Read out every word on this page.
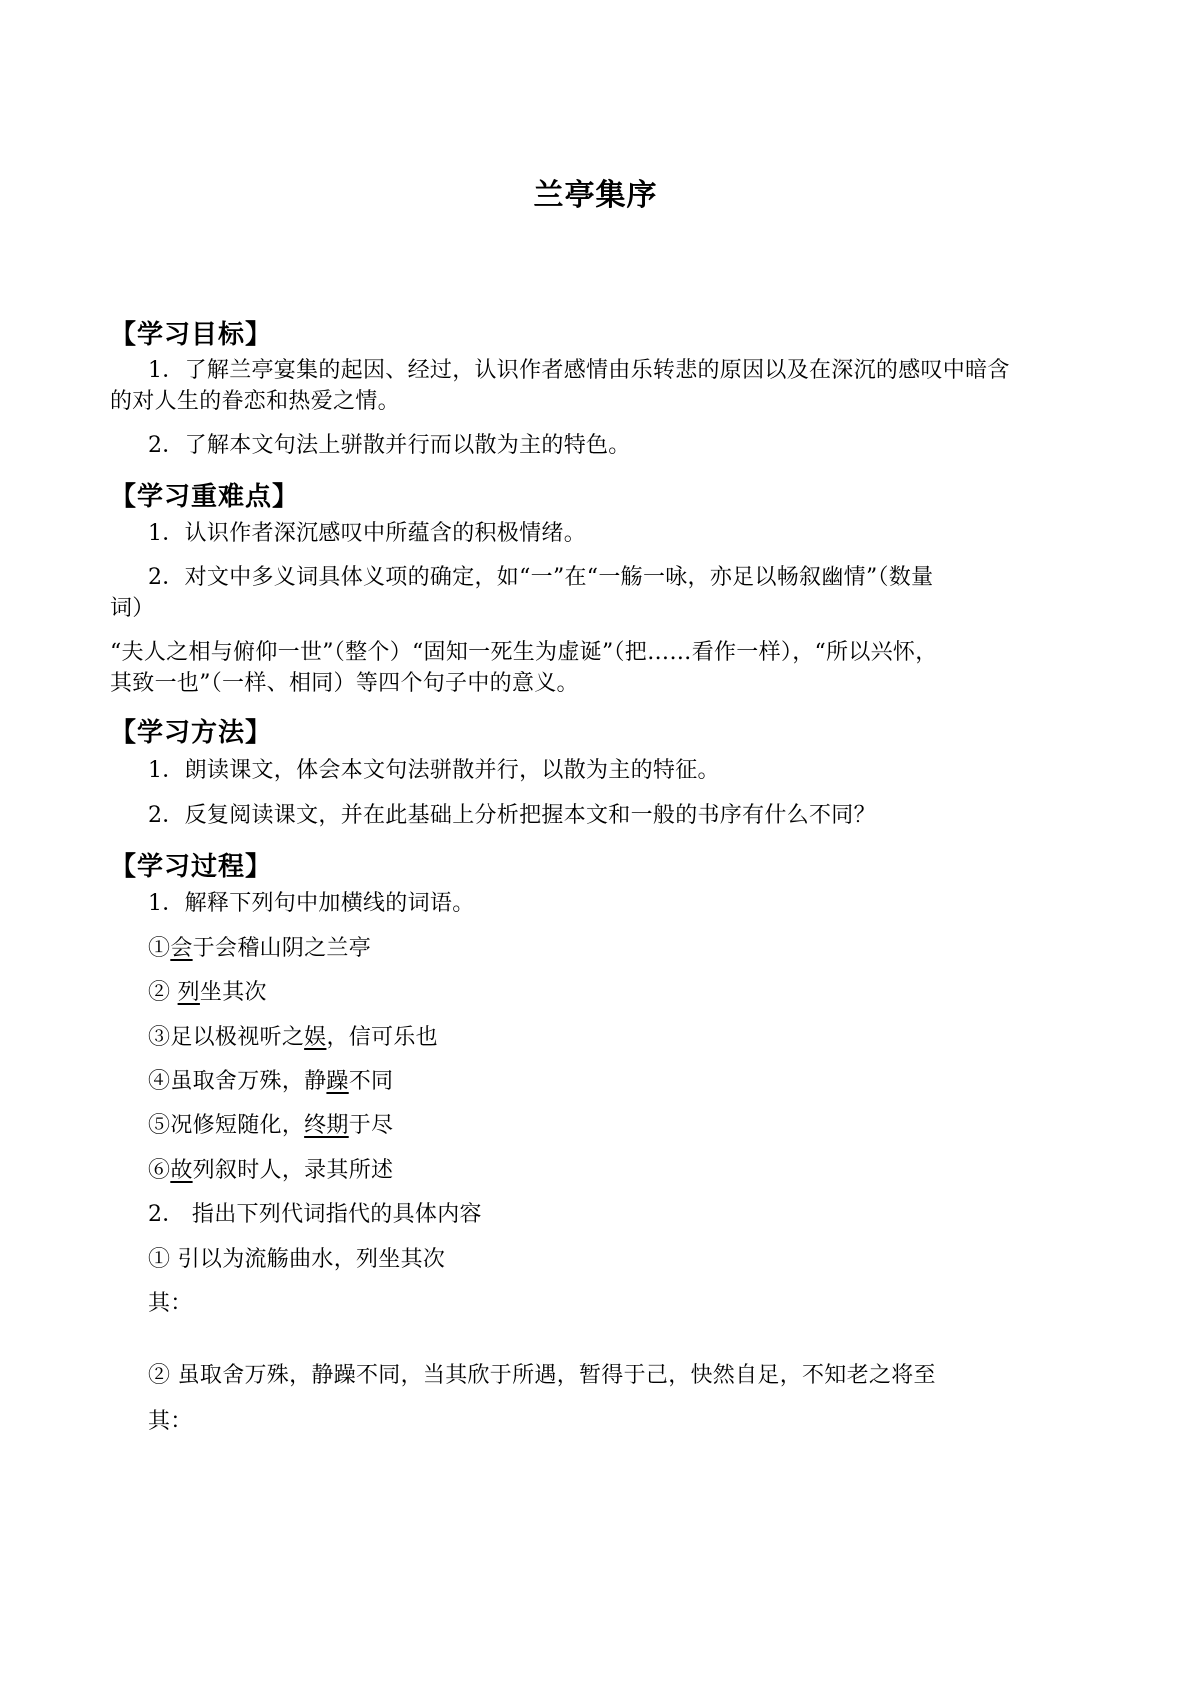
兰亭集序
【学习目标】
1．了解兰亭宴集的起因、经过，认识作者感情由乐转悲的原因以及在深沉的感叹中暗含
的对人生的眷恋和热爱之情。
2．了解本文句法上骈散并行而以散为主的特色。
【学习重难点】
1．认识作者深沉感叹中所蕴含的积极情绪。
2．对文中多义词具体义项的确定，如“一”在“一觞一咏，亦足以畅叙幽情”（数量
词）
“夫人之相与俯仰一世”（整个）“固知一死生为虚诞”（把……看作一样），“所以兴怀，
其致一也”（一样、相同）等四个句子中的意义。
【学习方法】
1．朗读课文，体会本文句法骈散并行，以散为主的特征。
2．反复阅读课文，并在此基础上分析把握本文和一般的书序有什么不同？
【学习过程】
1．解释下列句中加横线的词语。
①会于会稽山阴之兰亭
② 列坐其次
③足以极视听之娱，信可乐也
④虽取舍万殊，静躁不同
⑤况修短随化，终期于尽
⑥故列叙时人，录其所述
2． 指出下列代词指代的具体内容
① 引以为流觞曲水，列坐其次
其：
② 虽取舍万殊，静躁不同，当其欣于所遇，暂得于己，快然自足，不知老之将至
其：
